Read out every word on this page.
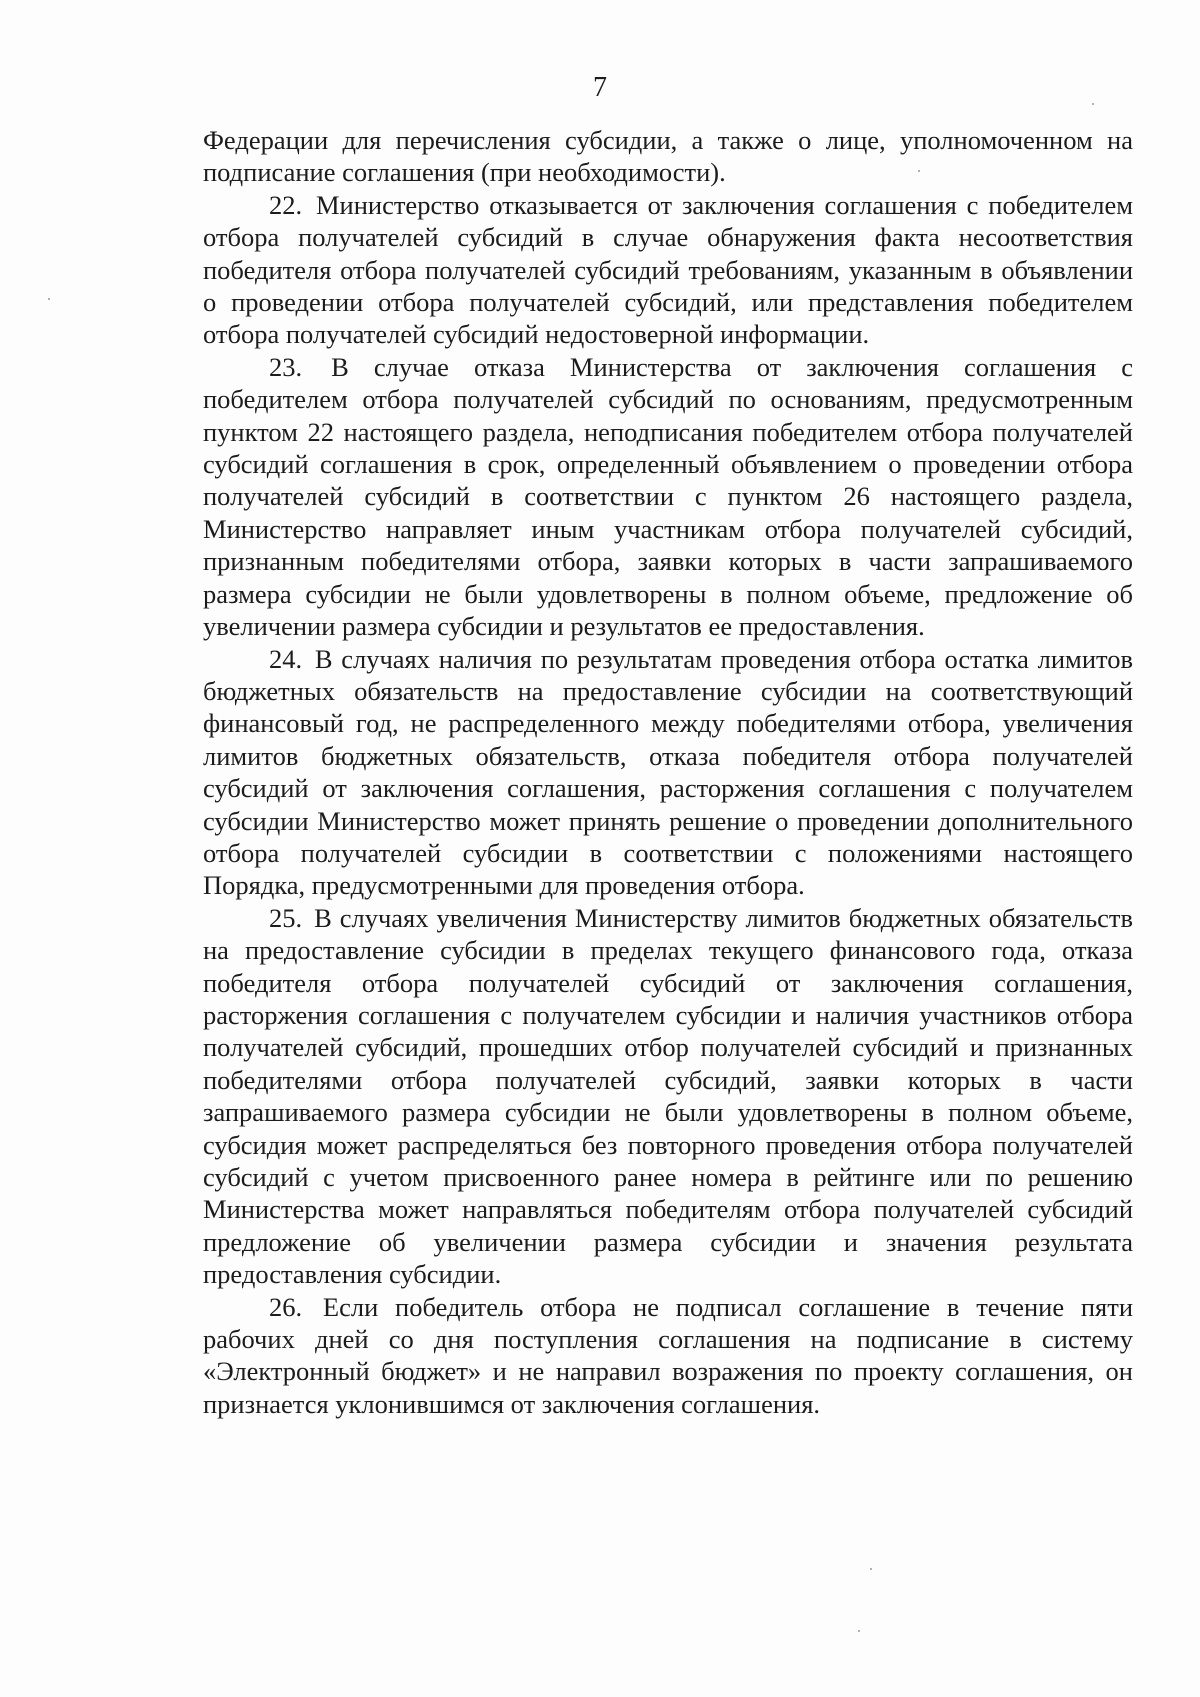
7

Федерации для перечисления субсидии, а также о лице, уполномоченном на подписание соглашения (при необходимости).

22. Министерство отказывается от заключения соглашения с победителем отбора получателей субсидий в случае обнаружения факта несоответствия победителя отбора получателей субсидий требованиям, указанным в объявлении о проведении отбора получателей субсидий, или представления победителем отбора получателей субсидий недостоверной информации.

23. В случае отказа Министерства от заключения соглашения с победителем отбора получателей субсидий по основаниям, предусмотренным пунктом 22 настоящего раздела, неподписания победителем отбора получателей субсидий соглашения в срок, определенный объявлением о проведении отбора получателей субсидий в соответствии с пунктом 26 настоящего раздела, Министерство направляет иным участникам отбора получателей субсидий, признанным победителями отбора, заявки которых в части запрашиваемого размера субсидии не были удовлетворены в полном объеме, предложение об увеличении размера субсидии и результатов ее предоставления.

24. В случаях наличия по результатам проведения отбора остатка лимитов бюджетных обязательств на предоставление субсидии на соответствующий финансовый год, не распределенного между победителями отбора, увеличения лимитов бюджетных обязательств, отказа победителя отбора получателей субсидий от заключения соглашения, расторжения соглашения с получателем субсидии Министерство может принять решение о проведении дополнительного отбора получателей субсидии в соответствии с положениями настоящего Порядка, предусмотренными для проведения отбора.

25. В случаях увеличения Министерству лимитов бюджетных обязательств на предоставление субсидии в пределах текущего финансового года, отказа победителя отбора получателей субсидий от заключения соглашения, расторжения соглашения с получателем субсидии и наличия участников отбора получателей субсидий, прошедших отбор получателей субсидий и признанных победителями отбора получателей субсидий, заявки которых в части запрашиваемого размера субсидии не были удовлетворены в полном объеме, субсидия может распределяться без повторного проведения отбора получателей субсидий с учетом присвоенного ранее номера в рейтинге или по решению Министерства может направляться победителям отбора получателей субсидий предложение об увеличении размера субсидии и значения результата предоставления субсидии.

26. Если победитель отбора не подписал соглашение в течение пяти рабочих дней со дня поступления соглашения на подписание в систему «Электронный бюджет» и не направил возражения по проекту соглашения, он признается уклонившимся от заключения соглашения.
